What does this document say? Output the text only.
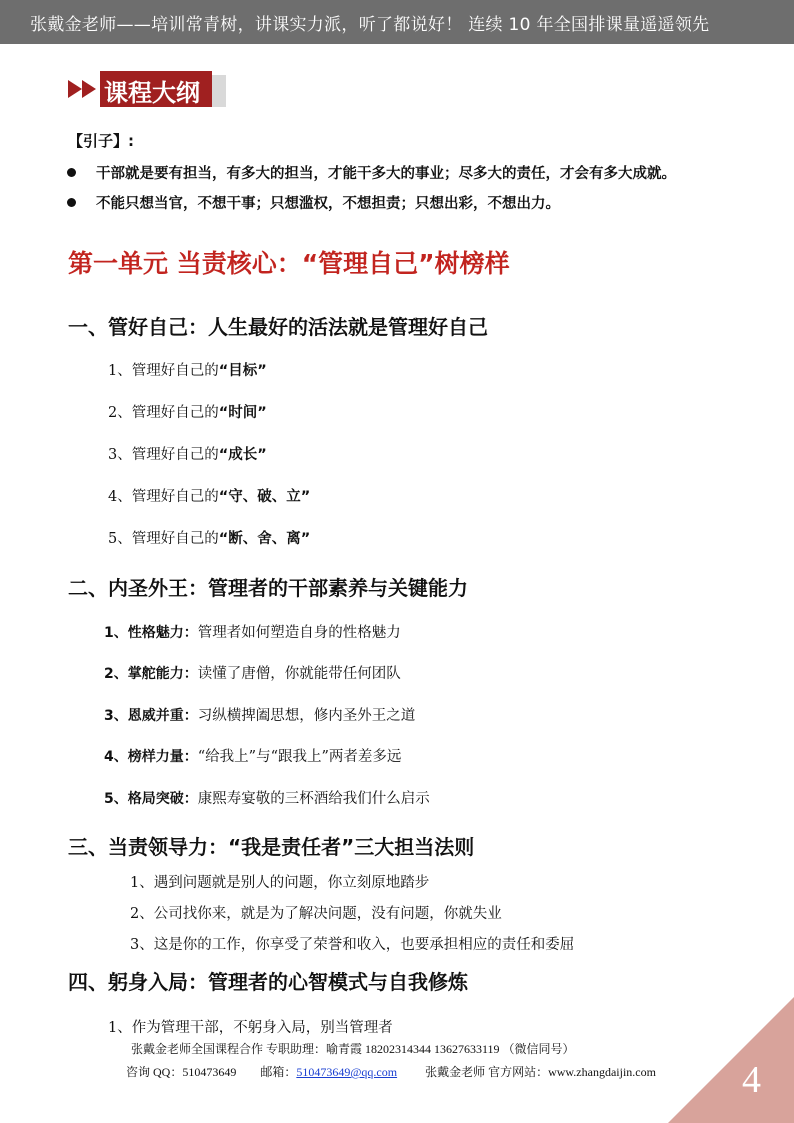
张戴金老师——培训常青树，讲课实力派，听了都说好！ 连续 10 年全国排课量遥遥领先
课程大纲
【引子】:
干部就是要有担当，有多大的担当，才能干多大的事业；尽多大的责任，才会有多大成就。
不能只想当官，不想干事；只想滥权，不想担责；只想出彩，不想出力。
第一单元 当责核心：“管理自己”树榜样
一、管好自己：人生最好的活法就是管理好自己
1、管理好自己的“目标”
2、管理好自己的“时间”
3、管理好自己的“成长”
4、管理好自己的“守、破、立”
5、管理好自己的“断、舍、离”
二、内圣外王：管理者的干部素养与关键能力
1、性格魅力：管理者如何塑造自身的性格魅力
2、掌舵能力：读懂了唐僧，你就能带任何团队
3、恩威并重：习纵横捭阖思想，修内圣外王之道
4、榜样力量：“给我上”与“跟我上”两者差多远
5、格局突破：康熙寿宴敬的三杯酒给我们什么启示
三、当责领导力：“我是责任者”三大担当法则
1、遇到问题就是别人的问题，你立刻原地踏步
2、公司找你来，就是为了解决问题，没有问题，你就失业
3、这是你的工作，你享受了荣誉和收入，也要承担相应的责任和委屈
四、躬身入局：管理者的心智模式与自我修炼
1、作为管理干部，不躬身入局，别当管理者
张戴金老师全国课程合作 专职助理：喻青霞 18202314344 13627633119 （微信同号）
咨询 QQ：510473649 邮箱：510473649@qq.com 张戴金老师 官方网站：www.zhangdaijin.com 4
